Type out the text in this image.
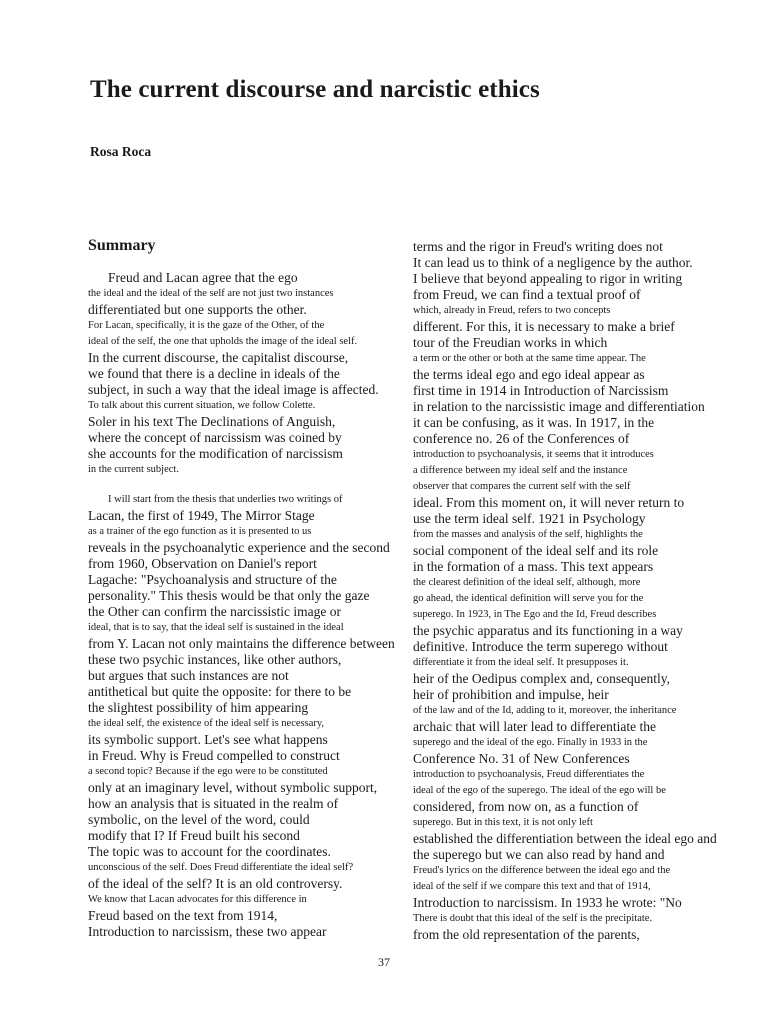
The current discourse and narcistic ethics
Rosa Roca
Summary
Freud and Lacan agree that the ego
the ideal and the ideal of the self are not just two instances
differentiated but one supports the other.
For Lacan, specifically, it is the gaze of the Other, of the
ideal of the self, the one that upholds the image of the ideal self.
In the current discourse, the capitalist discourse,
we found that there is a decline in ideals of the
subject, in such a way that the ideal image is affected.
To talk about this current situation, we follow Colette.
Soler in his text The Declinations of Anguish,
where the concept of narcissism was coined by
she accounts for the modification of narcissism
in the current subject.
I will start from the thesis that underlies two writings of
Lacan, the first of 1949, The Mirror Stage
as a trainer of the ego function as it is presented to us
reveals in the psychoanalytic experience and the second
from 1960, Observation on Daniel's report
Lagache: "Psychoanalysis and structure of the
personality." This thesis would be that only the gaze
the Other can confirm the narcissistic image or
ideal, that is to say, that the ideal self is sustained in the ideal
from Y. Lacan not only maintains the difference between
these two psychic instances, like other authors,
but argues that such instances are not
antithetical but quite the opposite: for there to be
the slightest possibility of him appearing
the ideal self, the existence of the ideal self is necessary,
its symbolic support. Let's see what happens
in Freud. Why is Freud compelled to construct
a second topic? Because if the ego were to be constituted
only at an imaginary level, without symbolic support,
how an analysis that is situated in the realm of
symbolic, on the level of the word, could
modify that I? If Freud built his second
The topic was to account for the coordinates.
unconscious of the self. Does Freud differentiate the ideal self?
of the ideal of the self? It is an old controversy.
We know that Lacan advocates for this difference in
Freud based on the text from 1914,
Introduction to narcissism, these two appear
terms and the rigor in Freud's writing does not
It can lead us to think of a negligence by the author.
I believe that beyond appealing to rigor in writing
from Freud, we can find a textual proof of
which, already in Freud, refers to two concepts
different. For this, it is necessary to make a brief
tour of the Freudian works in which
a term or the other or both at the same time appear. The
the terms ideal ego and ego ideal appear as
first time in 1914 in Introduction of Narcissism
in relation to the narcissistic image and differentiation
it can be confusing, as it was. In 1917, in the
conference no. 26 of the Conferences of
introduction to psychoanalysis, it seems that it introduces
a difference between my ideal self and the instance
observer that compares the current self with the self
ideal. From this moment on, it will never return to
use the term ideal self. 1921 in Psychology
from the masses and analysis of the self, highlights the
social component of the ideal self and its role
in the formation of a mass. This text appears
the clearest definition of the ideal self, although, more
go ahead, the identical definition will serve you for the
superego. In 1923, in The Ego and the Id, Freud describes
the psychic apparatus and its functioning in a way
definitive. Introduce the term superego without
differentiate it from the ideal self. It presupposes it.
heir of the Oedipus complex and, consequently,
heir of prohibition and impulse, heir
of the law and of the Id, adding to it, moreover, the inheritance
archaic that will later lead to differentiate the
superego and the ideal of the ego. Finally in 1933 in the
Conference No. 31 of New Conferences
introduction to psychoanalysis, Freud differentiates the
ideal of the ego of the superego. The ideal of the ego will be
considered, from now on, as a function of
superego. But in this text, it is not only left
established the differentiation between the ideal ego and
the superego but we can also read by hand and
Freud's lyrics on the difference between the ideal ego and the
ideal of the self if we compare this text and that of 1914,
Introduction to narcissism. In 1933 he wrote: "No
There is doubt that this ideal of the self is the precipitate.
from the old representation of the parents,
37
